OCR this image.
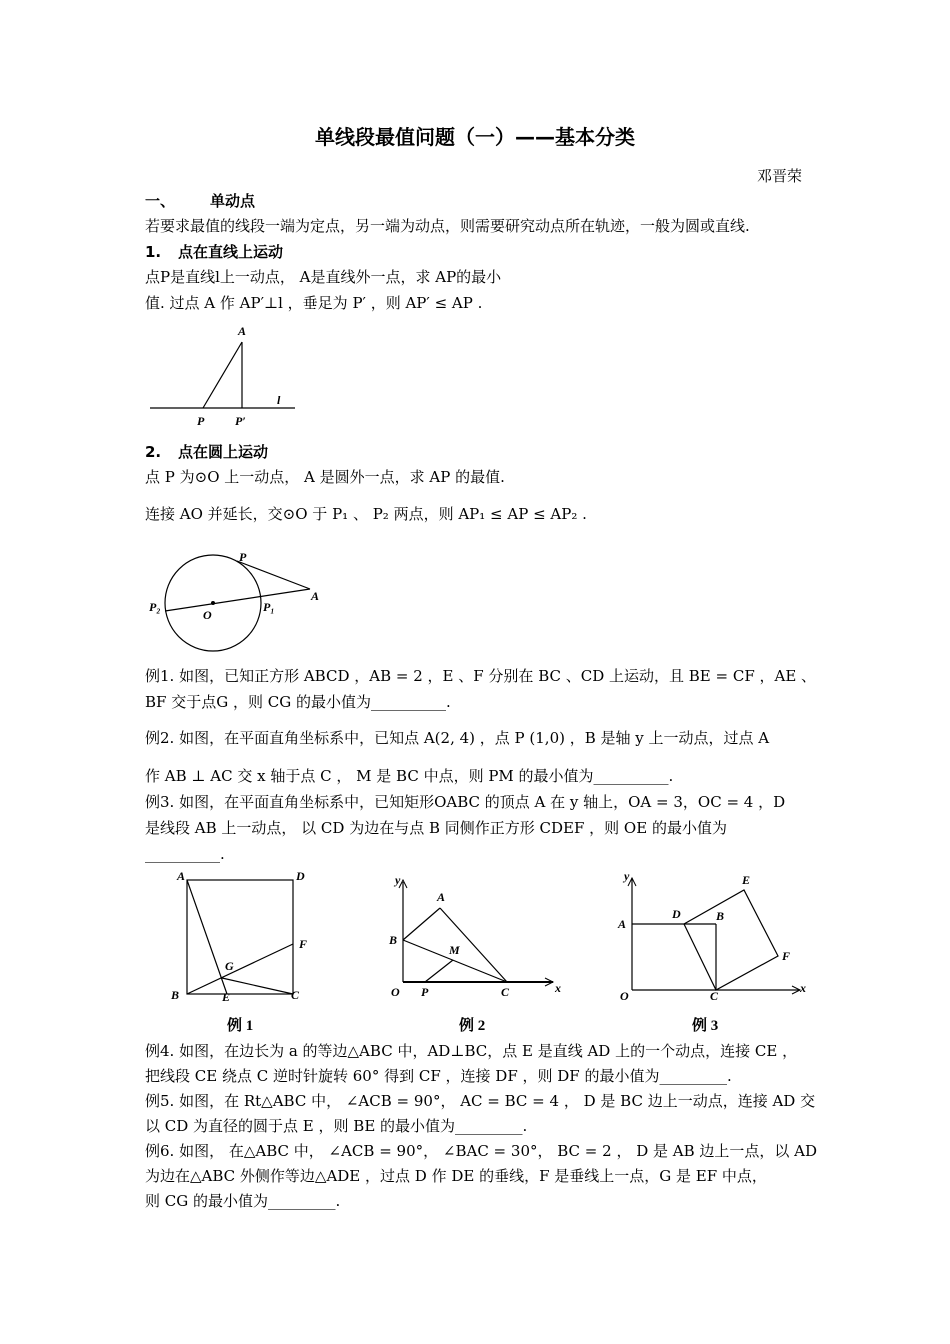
单线段最值问题（一）——基本分类
邓晋荣
一、 单动点
若要求最值的线段一端为定点，另一端为动点，则需要研究动点所在轨迹，一般为圆或直线.
1. 点在直线上运动
点P是直线l上一动点， A是直线外一点，求 AP的最小
值. 过点 A 作 AP′⊥l ，垂足为 P′ ，则 AP′ ≤ AP .
A
P	P′
l
2. 点在圆上运动
点 P 为⊙O 上一动点， A 是圆外一点，求 AP 的最值.
连接 AO 并延长，交⊙O 于 P₁ 、 P₂ 两点，则 AP₁ ≤ AP ≤ AP₂ .
P
A
O
P₁
P₂
例1. 如图，已知正方形 ABCD ，AB = 2 ，E 、F 分别在 BC 、CD 上运动，且 BE = CF ，AE 、
BF 交于点G ，则 CG 的最小值为__________.
例2. 如图，在平面直角坐标系中，已知点 A(2, 4) ，点 P (1,0) ，B 是轴 y 上一动点，过点 A
作 AB ⊥ AC 交 x 轴于点 C ， M 是 BC 中点，则 PM 的最小值为__________.
例3. 如图，在平面直角坐标系中，已知矩形OABC 的顶点 A 在 y 轴上，OA = 3，OC = 4 ，D
是线段 AB 上一动点， 以 CD 为边在与点 B 同侧作正方形 CDEF ，则 OE 的最小值为
__________.
A	D
F
G
B	E	C
例 1
y
A
B
M
O P	C	x
例 2
y	E
D	B
A
F
O	C
x
例 3
例4. 如图，在边长为 a 的等边△ABC 中，AD⊥BC，点 E 是直线 AD 上的一个动点，连接 CE ，
把线段 CE 绕点 C 逆时针旋转 60° 得到 CF ，连接 DF ，则 DF 的最小值为_________.
例5. 如图，在 Rt△ABC 中， ∠ACB = 90°， AC = BC = 4 ， D 是 BC 边上一动点，连接 AD 交
以 CD 为直径的圆于点 E ，则 BE 的最小值为_________.
例6. 如图， 在△ABC 中， ∠ACB = 90°， ∠BAC = 30°， BC = 2 ， D 是 AB 边上一点，以 AD
为边在△ABC 外侧作等边△ADE ，过点 D 作 DE 的垂线，F 是垂线上一点，G 是 EF 中点，
则 CG 的最小值为_________.
